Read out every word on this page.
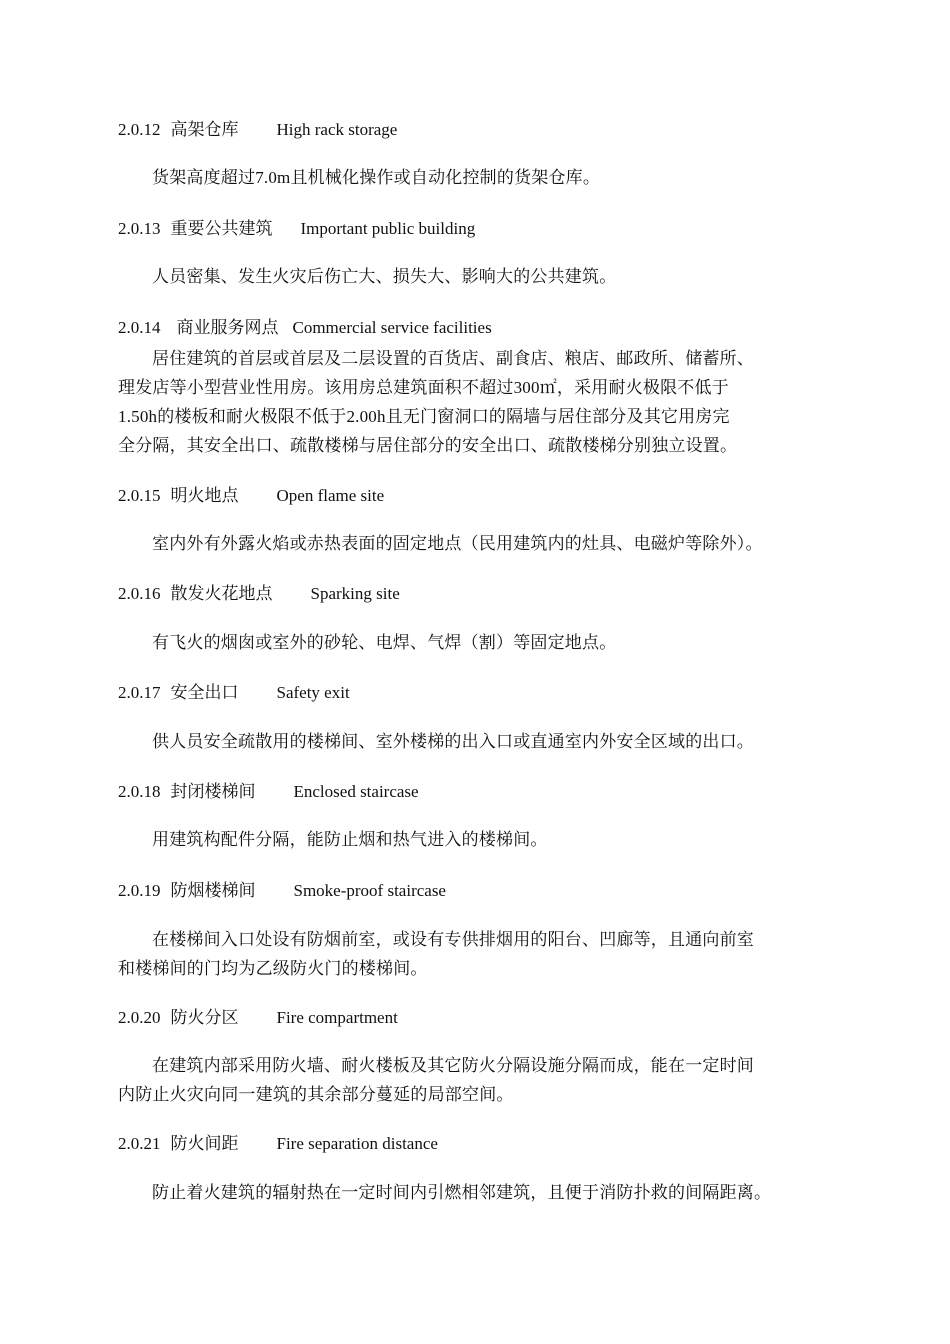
2.0.12 高架仓库 High rack storage
货架高度超过7.0m且机械化操作或自动化控制的货架仓库。
2.0.13 重要公共建筑 Important public building
人员密集、发生火灾后伤亡大、损失大、影响大的公共建筑。
2.0.14 商业服务网点 Commercial service facilities
居住建筑的首层或首层及二层设置的百货店、副食店、粮店、邮政所、储蓄所、
理发店等小型营业性用房。该用房总建筑面积不超过300㎡，采用耐火极限不低于
1.50h的楼板和耐火极限不低于2.00h且无门窗洞口的隔墙与居住部分及其它用房完
全分隔，其安全出口、疏散楼梯与居住部分的安全出口、疏散楼梯分别独立设置。
2.0.15 明火地点 Open flame site
室内外有外露火焰或赤热表面的固定地点（民用建筑内的灶具、电磁炉等除外）。
2.0.16 散发火花地点 Sparking site
有飞火的烟囱或室外的砂轮、电焊、气焊（割）等固定地点。
2.0.17 安全出口 Safety exit
供人员安全疏散用的楼梯间、室外楼梯的出入口或直通室内外安全区域的出口。
2.0.18 封闭楼梯间 Enclosed staircase
用建筑构配件分隔，能防止烟和热气进入的楼梯间。
2.0.19 防烟楼梯间 Smoke-proof staircase
在楼梯间入口处设有防烟前室，或设有专供排烟用的阳台、凹廊等，且通向前室
和楼梯间的门均为乙级防火门的楼梯间。
2.0.20 防火分区 Fire compartment
在建筑内部采用防火墙、耐火楼板及其它防火分隔设施分隔而成，能在一定时间
内防止火灾向同一建筑的其余部分蔓延的局部空间。
2.0.21 防火间距 Fire separation distance
防止着火建筑的辐射热在一定时间内引燃相邻建筑，且便于消防扑救的间隔距离。
